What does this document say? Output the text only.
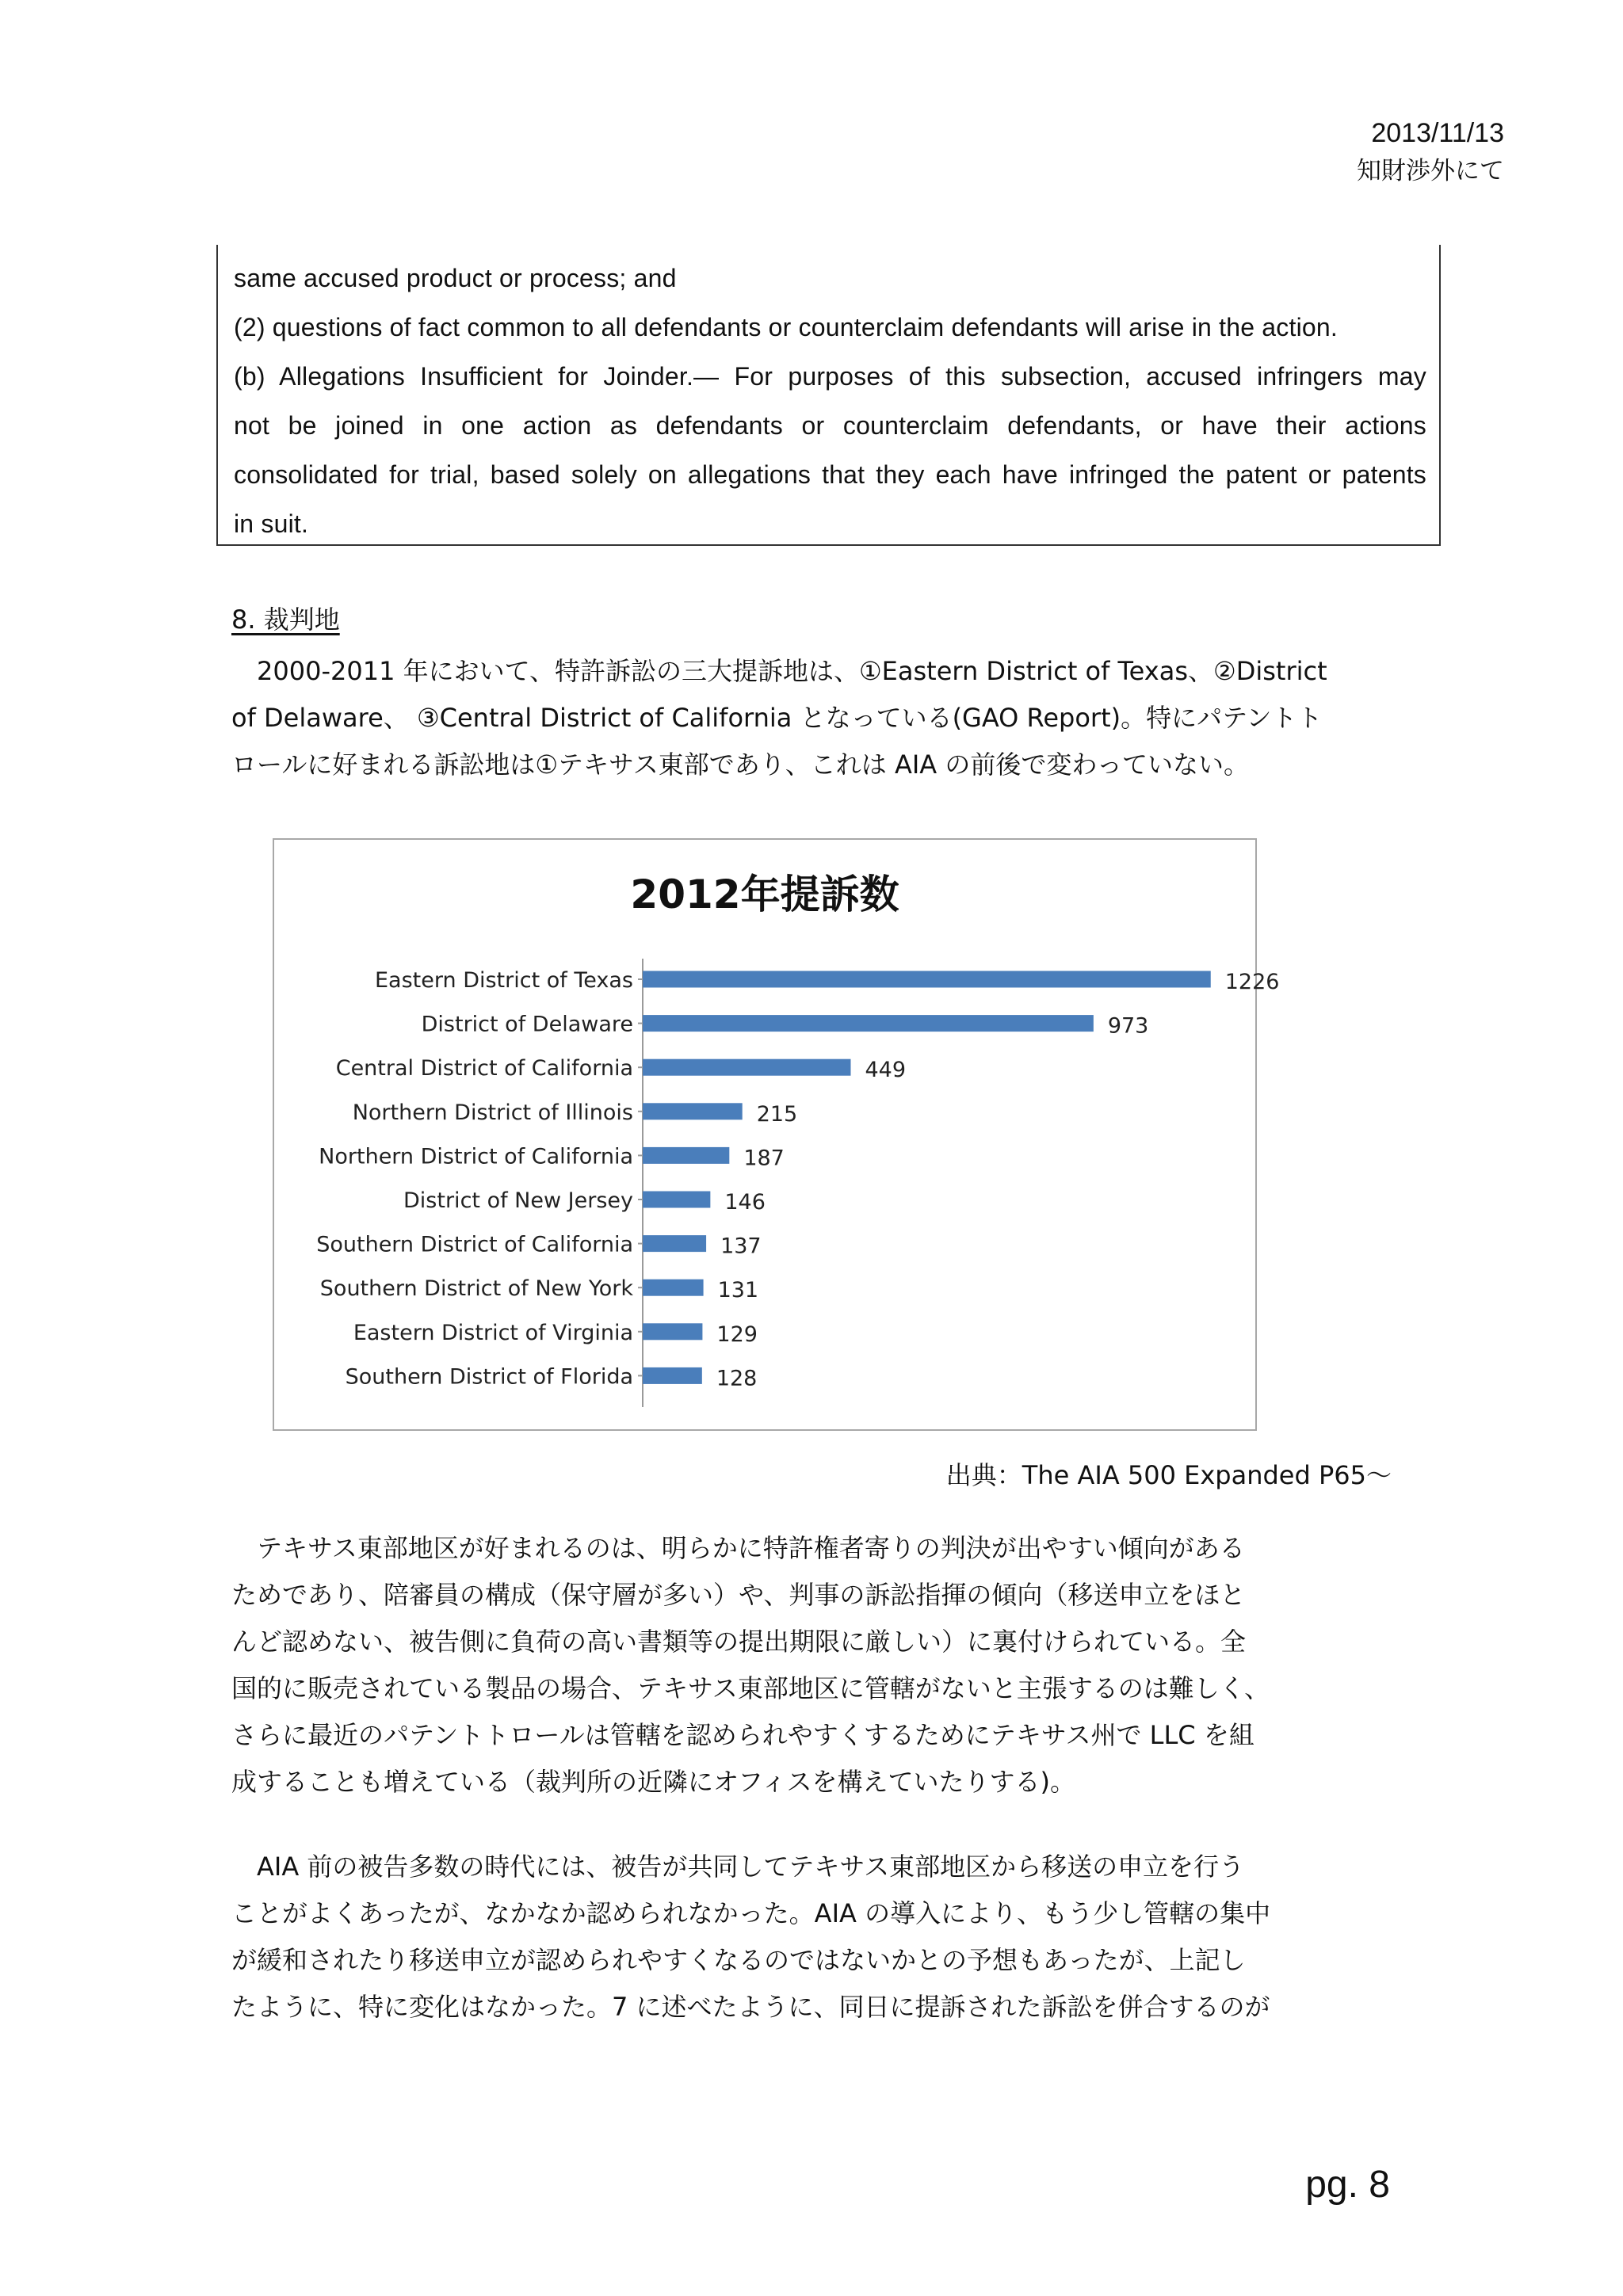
2013/11/13
知財渉外にて

same accused product or process; and

(2) questions of fact common to all defendants or counterclaim defendants will arise in the action.

(b) Allegations Insufficient for Joinder.— For purposes of this subsection, accused infringers may

not be joined in one action as defendants or counterclaim defendants, or have their actions

consolidated for trial, based solely on allegations that they each have infringed the patent or patents

in suit.

8. 裁判地
　2000-2011 年において、特許訴訟の三大提訴地は、①Eastern District of Texas、②District
of Delaware、 ③Central District of California となっている(GAO Report)。特にパテントト
ロールに好まれる訴訟地は①テキサス東部であり、これは AIA の前後で変わっていない。
2012年提訴数
Eastern District of Texas	1226
District of Delaware	973
Central District of California	449
Northern District of Illinois	215
Northern District of California	187
District of New Jersey	146
Southern District of California	137
Southern District of New York	131
Eastern District of Virginia	129
Southern District of Florida	128
出典：The AIA 500 Expanded P65～
　テキサス東部地区が好まれるのは、明らかに特許権者寄りの判決が出やすい傾向がある
ためであり、陪審員の構成（保守層が多い）や、判事の訴訟指揮の傾向（移送申立をほと
んど認めない、被告側に負荷の高い書類等の提出期限に厳しい）に裏付けられている。全
国的に販売されている製品の場合、テキサス東部地区に管轄がないと主張するのは難しく、
さらに最近のパテントトロールは管轄を認められやすくするためにテキサス州で LLC を組
成することも増えている（裁判所の近隣にオフィスを構えていたりする)。
　AIA 前の被告多数の時代には、被告が共同してテキサス東部地区から移送の申立を行う
ことがよくあったが、なかなか認められなかった。AIA の導入により、もう少し管轄の集中
が緩和されたり移送申立が認められやすくなるのではないかとの予想もあったが、上記し
たように、特に変化はなかった。7 に述べたように、同日に提訴された訴訟を併合するのが
pg. 8
